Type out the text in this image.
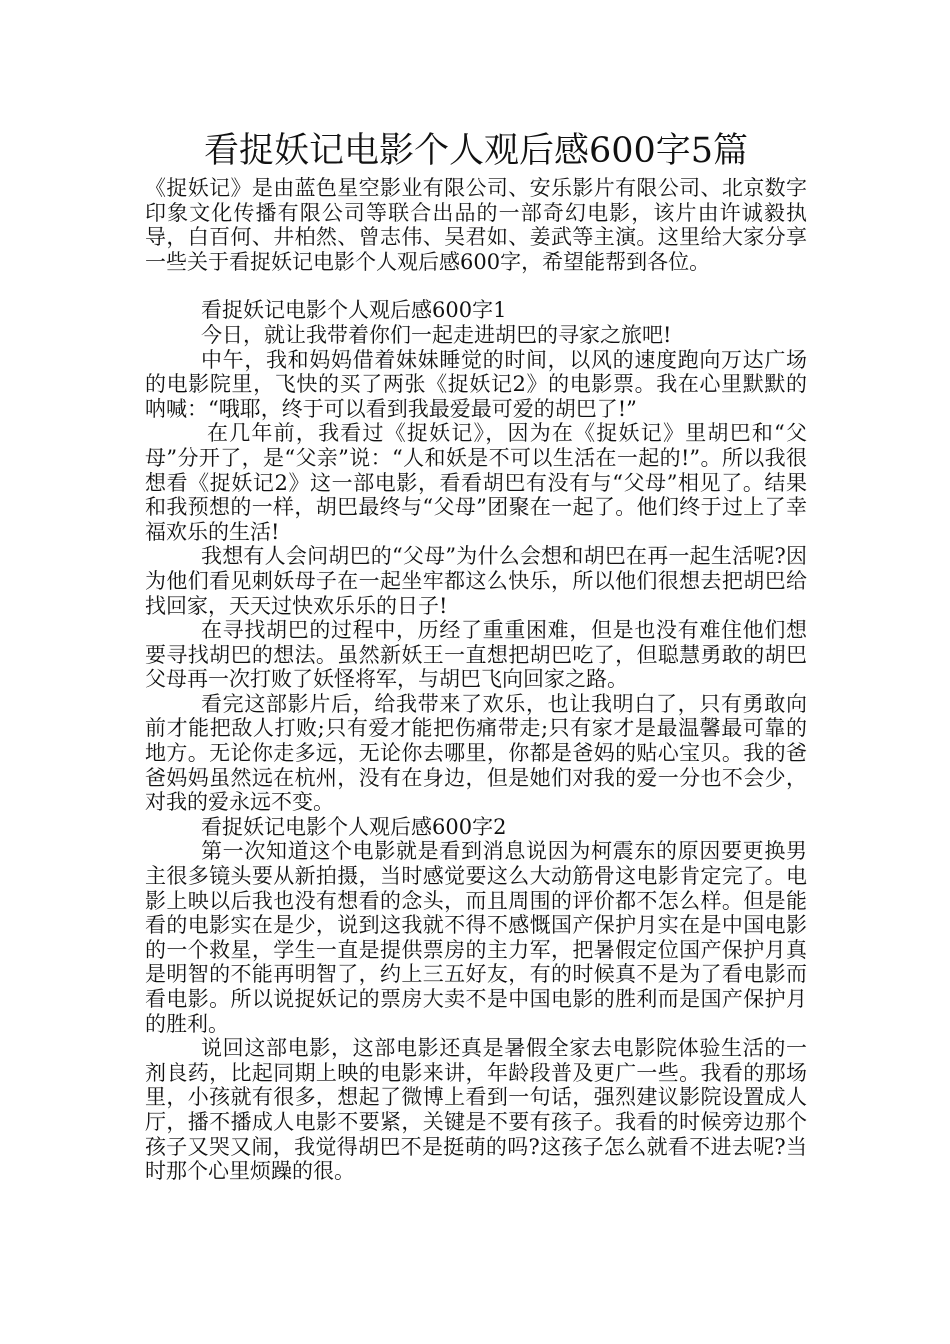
看捉妖记电影个人观后感600字5篇

《捉妖记》是由蓝色星空影业有限公司、安乐影片有限公司、北京数字印象文化传播有限公司等联合出品的一部奇幻电影，该片由许诚毅执导，白百何、井柏然、曾志伟、吴君如、姜武等主演。这里给大家分享一些关于看捉妖记电影个人观后感600字，希望能帮到各位。

看捉妖记电影个人观后感600字1

今日，就让我带着你们一起走进胡巴的寻家之旅吧!

中午，我和妈妈借着妹妹睡觉的时间，以风的速度跑向万达广场的电影院里，飞快的买了两张《捉妖记2》的电影票。我在心里默默的呐喊：“哦耶，终于可以看到我最爱最可爱的胡巴了!”

在几年前，我看过《捉妖记》，因为在《捉妖记》里胡巴和“父母”分开了，是“父亲”说：“人和妖是不可以生活在一起的!”。所以我很想看《捉妖记2》这一部电影，看看胡巴有没有与“父母”相见了。结果和我预想的一样，胡巴最终与“父母”团聚在一起了。他们终于过上了幸福欢乐的生活!

我想有人会问胡巴的“父母”为什么会想和胡巴在再一起生活呢?因为他们看见刺妖母子在一起坐牢都这么快乐，所以他们很想去把胡巴给找回家，天天过快欢乐乐的日子!

在寻找胡巴的过程中，历经了重重困难，但是也没有难住他们想要寻找胡巴的想法。虽然新妖王一直想把胡巴吃了，但聪慧勇敢的胡巴父母再一次打败了妖怪将军，与胡巴飞向回家之路。

看完这部影片后，给我带来了欢乐，也让我明白了，只有勇敢向前才能把敌人打败;只有爱才能把伤痛带走;只有家才是最温馨最可靠的地方。无论你走多远，无论你去哪里，你都是爸妈的贴心宝贝。我的爸爸妈妈虽然远在杭州，没有在身边，但是她们对我的爱一分也不会少，对我的爱永远不变。

看捉妖记电影个人观后感600字2

第一次知道这个电影就是看到消息说因为柯震东的原因要更换男主很多镜头要从新拍摄，当时感觉要这么大动筋骨这电影肯定完了。电影上映以后我也没有想看的念头，而且周围的评价都不怎么样。但是能看的电影实在是少，说到这我就不得不感慨国产保护月实在是中国电影的一个救星，学生一直是提供票房的主力军，把暑假定位国产保护月真是明智的不能再明智了，约上三五好友，有的时候真不是为了看电影而看电影。所以说捉妖记的票房大卖不是中国电影的胜利而是国产保护月的胜利。

说回这部电影，这部电影还真是暑假全家去电影院体验生活的一剂良药，比起同期上映的电影来讲，年龄段普及更广一些。我看的那场里，小孩就有很多，想起了微博上看到一句话，强烈建议影院设置成人厅，播不播成人电影不要紧，关键是不要有孩子。我看的时候旁边那个孩子又哭又闹，我觉得胡巴不是挺萌的吗?这孩子怎么就看不进去呢?当时那个心里烦躁的很。
